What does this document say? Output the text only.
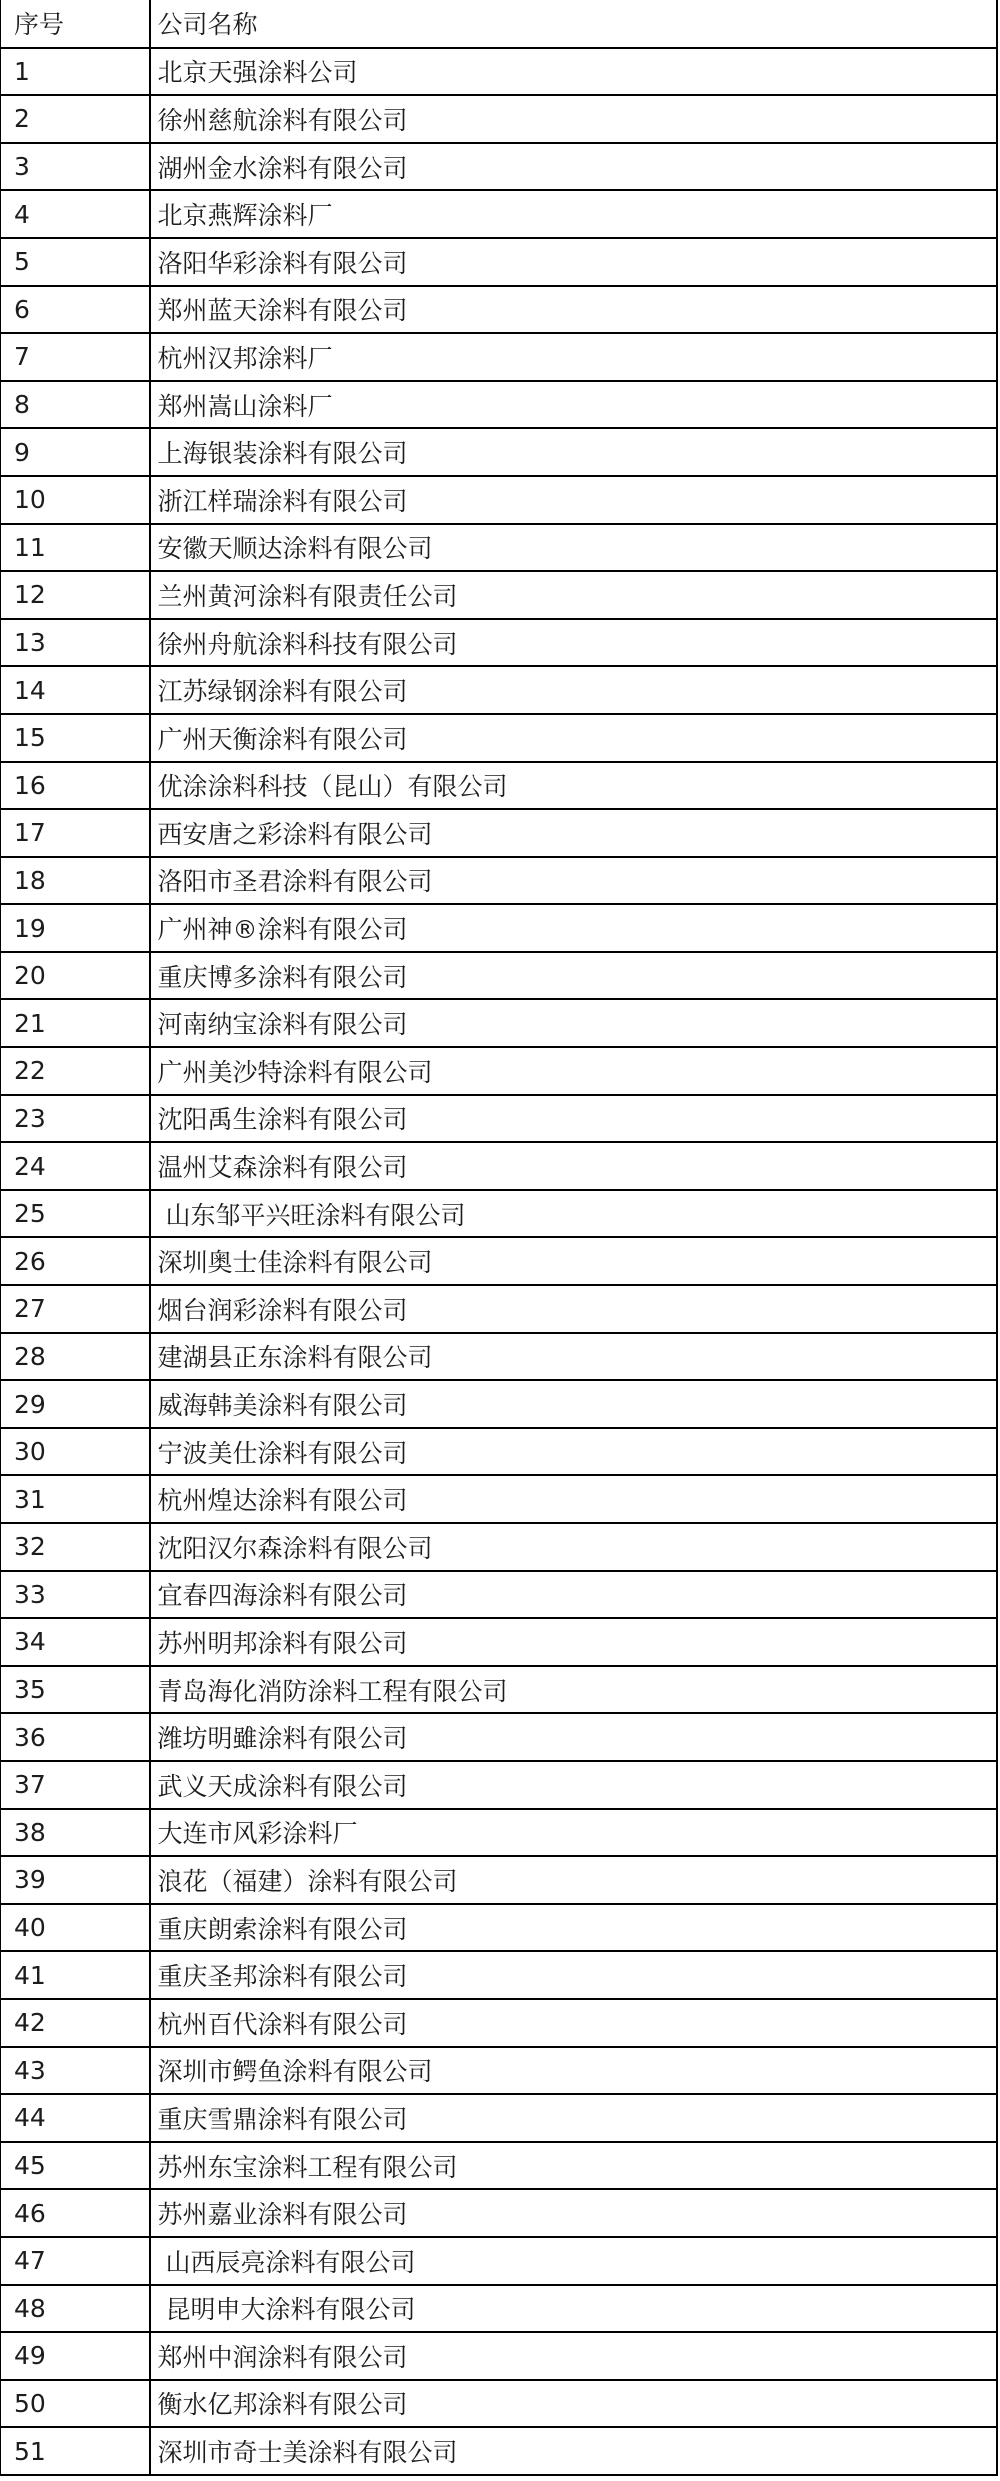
序号	公司名称
1	北京天强涂料公司
2	徐州慈航涂料有限公司
3	湖州金水涂料有限公司
4	北京燕辉涂料厂
5	洛阳华彩涂料有限公司
6	郑州蓝天涂料有限公司
7	杭州汉邦涂料厂
8	郑州嵩山涂料厂
9	上海银装涂料有限公司
10	浙江样瑞涂料有限公司
11	安徽天顺达涂料有限公司
12	兰州黄河涂料有限责任公司
13	徐州舟航涂料科技有限公司
14	江苏绿钢涂料有限公司
15	广州天衡涂料有限公司
16	优涂涂料科技（昆山）有限公司
17	西安唐之彩涂料有限公司
18	洛阳市圣君涂料有限公司
19	广州神®涂料有限公司
20	重庆博多涂料有限公司
21	河南纳宝涂料有限公司
22	广州美沙特涂料有限公司
23	沈阳禹生涂料有限公司
24	温州艾森涂料有限公司
25	山东邹平兴旺涂料有限公司
26	深圳奥士佳涂料有限公司
27	烟台润彩涂料有限公司
28	建湖县正东涂料有限公司
29	威海韩美涂料有限公司
30	宁波美仕涂料有限公司
31	杭州煌达涂料有限公司
32	沈阳汉尔森涂料有限公司
33	宜春四海涂料有限公司
34	苏州明邦涂料有限公司
35	青岛海化消防涂料工程有限公司
36	潍坊明雖涂料有限公司
37	武义天成涂料有限公司
38	大连市风彩涂料厂
39	浪花（福建）涂料有限公司
40	重庆朗索涂料有限公司
41	重庆圣邦涂料有限公司
42	杭州百代涂料有限公司
43	深圳市鳄鱼涂料有限公司
44	重庆雪鼎涂料有限公司
45	苏州东宝涂料工程有限公司
46	苏州嘉业涂料有限公司
47	山西辰亮涂料有限公司
48	昆明申大涂料有限公司
49	郑州中润涂料有限公司
50	衡水亿邦涂料有限公司
51	深圳市奇士美涂料有限公司
